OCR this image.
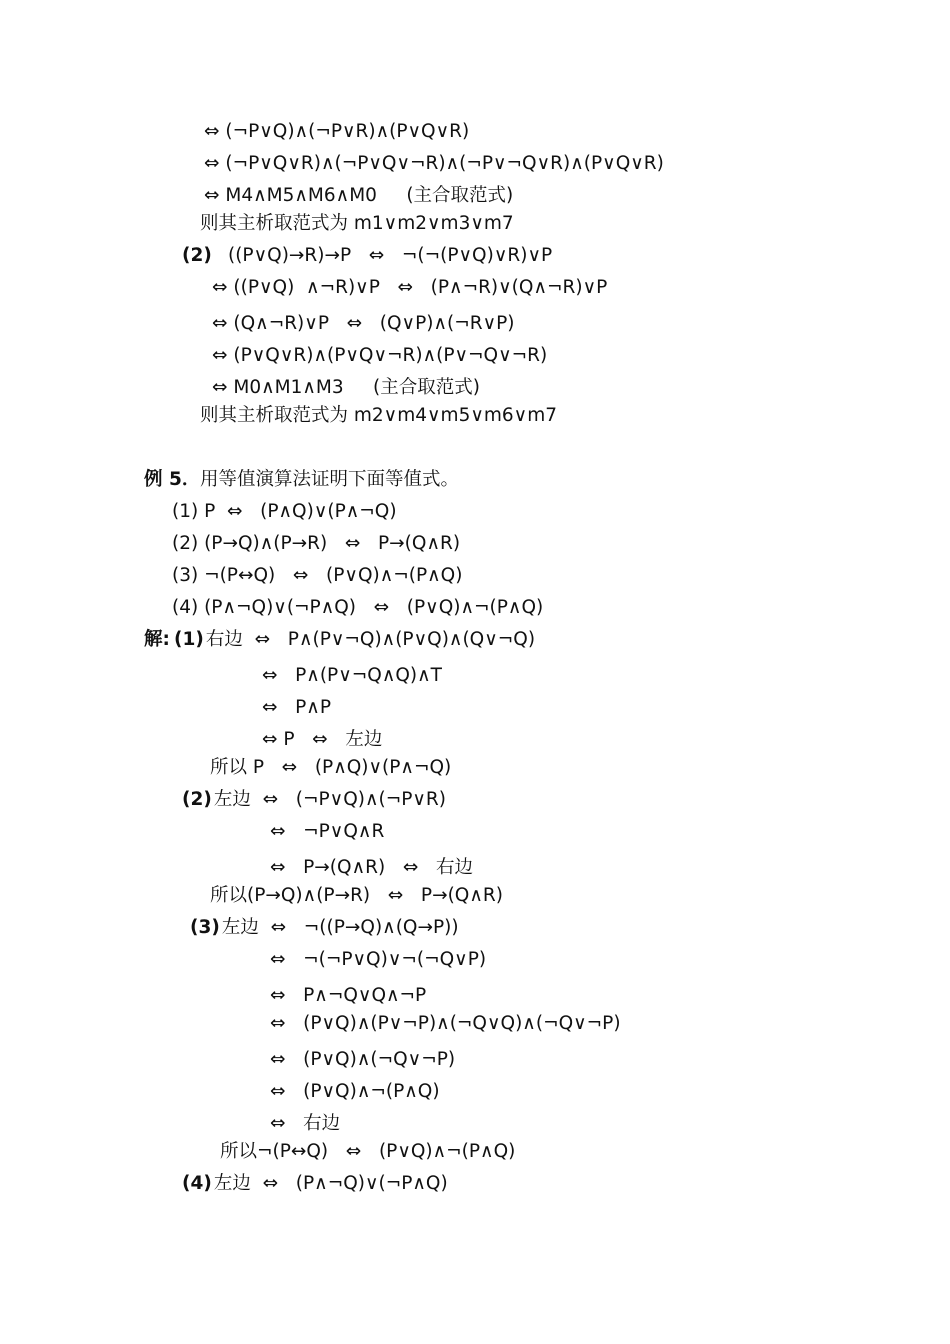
⇔ (¬P∨Q)∧(¬P∨R)∧(P∨Q∨R)
⇔ (¬P∨Q∨R)∧(¬P∨Q∨¬R)∧(¬P∨¬Q∨R)∧(P∨Q∨R)
⇔ M4∧M5∧M6∧M0     (主合取范式)
则其主析取范式为 m1∨m2∨m3∨m7
(2) ((P∨Q)→R)→P   ⇔   ¬(¬(P∨Q)∨R)∨P
⇔ ((P∨Q)  ∧¬R)∨P   ⇔   (P∧¬R)∨(Q∧¬R)∨P
⇔ (Q∧¬R)∨P   ⇔   (Q∨P)∧(¬R∨P)
⇔ (P∨Q∨R)∧(P∨Q∨¬R)∧(P∨¬Q∨¬R)
⇔ M0∧M1∧M3     (主合取范式)
则其主析取范式为 m2∨m4∨m5∨m6∨m7
例 5． 用等值演算法证明下面等值式。
(1) P  ⇔   (P∧Q)∨(P∧¬Q)
(2) (P→Q)∧(P→R)   ⇔   P→(Q∧R)
(3) ¬(P↔Q)   ⇔   (P∨Q)∧¬(P∧Q)
(4) (P∧¬Q)∨(¬P∧Q)   ⇔   (P∨Q)∧¬(P∧Q)
解: (1)
右边  ⇔   P∧(P∨¬Q)∧(P∨Q)∧(Q∨¬Q)
⇔   P∧(P∨¬Q∧Q)∧T
⇔   P∧P
⇔ P   ⇔   左边
所以 P   ⇔   (P∧Q)∨(P∧¬Q)
(2)
左边  ⇔   (¬P∨Q)∧(¬P∨R)
⇔   ¬P∨Q∧R
⇔   P→(Q∧R)   ⇔   右边
所以(P→Q)∧(P→R)   ⇔   P→(Q∧R)
(3)
左边  ⇔   ¬((P→Q)∧(Q→P))
⇔   ¬(¬P∨Q)∨¬(¬Q∨P)
⇔   P∧¬Q∨Q∧¬P
⇔   (P∨Q)∧(P∨¬P)∧(¬Q∨Q)∧(¬Q∨¬P)
⇔   (P∨Q)∧(¬Q∨¬P)
⇔   (P∨Q)∧¬(P∧Q)
⇔   右边
所以¬(P↔Q)   ⇔   (P∨Q)∧¬(P∧Q)
(4)
左边  ⇔   (P∧¬Q)∨(¬P∧Q)
